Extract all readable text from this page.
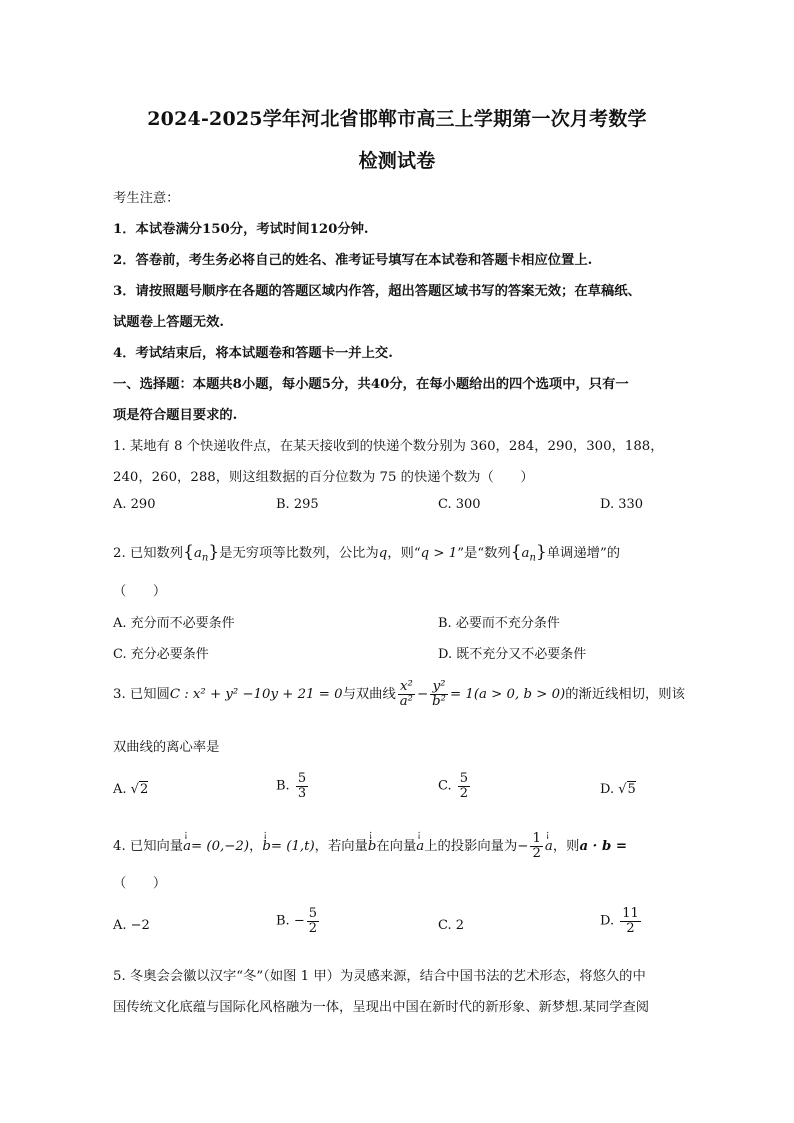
2024-2025学年河北省邯郸市高三上学期第一次月考数学
检测试卷
考生注意：
1．本试卷满分150分，考试时间120分钟.
2．答卷前，考生务必将自己的姓名、准考证号填写在本试卷和答题卡相应位置上.
3．请按照题号顺序在各题的答题区域内作答，超出答题区域书写的答案无效；在草稿纸、
试题卷上答题无效.
4．考试结束后，将本试题卷和答题卡一并上交.
一、选择题：本题共8小题，每小题5分，共40分，在每小题给出的四个选项中，只有一
项是符合题目要求的.
1. 某地有 8 个快递收件点，在某天接收到的快递个数分别为 360，284，290，300，188，
240，260，288，则这组数据的百分位数为 75 的快递个数为（　　）
A. 290	B. 295	C. 300	D. 330
2. 已知数列$\{a_n\}$是无穷项等比数列，公比为q，则“q > 1”是“数列$\{a_n\}$单调递增”的
（　　）
A. 充分而不必要条件	B. 必要而不充分条件
C. 充分必要条件	D. 既不充分又不必要条件
3. 已知圆C : x² + y² −10y + 21 = 0与双曲线 $\frac{\text{x²}}{\text{a²}} - \frac{\text{y²}}{\text{b²}} = 1(a > 0$, b > 0)的渐近线相切，则该
双曲线的离心率是
A. √2	B. $\frac{5}{3}$	C. $\frac{5}{2}$	D. √5
4. 已知向量¡ a= (0,−2)，¡ b= (1,t)，若向量¡ b在向量¡ a上的投影向量为− $\frac{1}{2}$
¡ a，则a · b =
（　　）
A. −2	B. − $\frac{5}{2}$	C. 2	D. $\frac{11}{2}$
5. 冬奥会会徽以汉字“冬”（如图 1 甲）为灵感来源，结合中国书法的艺术形态，将悠久的中
国传统文化底蕴与国际化风格融为一体，呈现出中国在新时代的新形象、新梦想.某同学查阅
